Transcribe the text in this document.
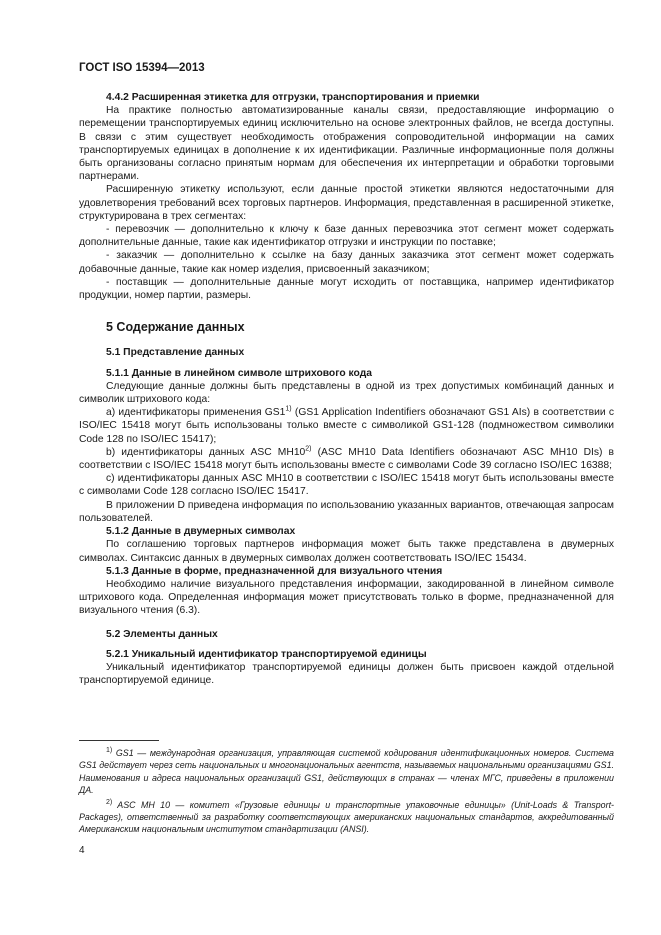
ГОСТ ISO 15394—2013

4.4.2 Расширенная этикетка для отгрузки, транспортирования и приемки

На практике полностью автоматизированные каналы связи, предоставляющие информацию о перемещении транспортируемых единиц исключительно на основе электронных файлов, не всегда доступны. В связи с этим существует необходимость отображения сопроводительной информации на самих транспортируемых единицах в дополнение к их идентификации. Различные информационные поля должны быть организованы согласно принятым нормам для обеспечения их интерпретации и обработки торговыми партнерами.

Расширенную этикетку используют, если данные простой этикетки являются недостаточными для удовлетворения требований всех торговых партнеров. Информация, представленная в расширенной этикетке, структурирована в трех сегментах:

- перевозчик — дополнительно к ключу к базе данных перевозчика этот сегмент может содержать дополнительные данные, такие как идентификатор отгрузки и инструкции по поставке;

- заказчик — дополнительно к ссылке на базу данных заказчика этот сегмент может содержать добавочные данные, такие как номер изделия, присвоенный заказчиком;

- поставщик — дополнительные данные могут исходить от поставщика, например идентификатор продукции, номер партии, размеры.

5 Содержание данных

5.1 Представление данных

5.1.1 Данные в линейном символе штрихового кода

Следующие данные должны быть представлены в одной из трех допустимых комбинаций данных и символик штрихового кода:

а) идентификаторы применения GS1$^{1)}$ (GS1 Application Indentifiers обозначают GS1 AIs) в соответствии с ISO/IEC 15418 могут быть использованы только вместе с символикой GS1-128 (подмножеством символики Code 128 по ISO/IEC 15417);

b) идентификаторы данных ASC MH10$^{2)}$ (ASC MH10 Data Identifiers обозначают ASC MH10 DIs) в соответствии с ISO/IEC 15418 могут быть использованы вместе с символами Code 39 согласно ISO/IEC 16388;

с) идентификаторы данных ASC MH10 в соответствии с ISO/IEC 15418 могут быть использованы вместе с символами Code 128 согласно ISO/IEC 15417.

В приложении D приведена информация по использованию указанных вариантов, отвечающая запросам пользователей.

5.1.2 Данные в двумерных символах

По соглашению торговых партнеров информация может быть также представлена в двумерных символах. Синтаксис данных в двумерных символах должен соответствовать ISO/IEC 15434.

5.1.3 Данные в форме, предназначенной для визуального чтения

Необходимо наличие визуального представления информации, закодированной в линейном символе штрихового кода. Определенная информация может присутствовать только в форме, предназначенной для визуального чтения (6.3).

5.2 Элементы данных

5.2.1 Уникальный идентификатор транспортируемой единицы

Уникальный идентификатор транспортируемой единицы должен быть присвоен каждой отдельной транспортируемой единице.

$^{1)}$ GS1 — международная организация, управляющая системой кодирования идентификационных номеров. Система GS1 действует через сеть национальных и многонациональных агентств, называемых национальными организациями GS1. Наименования и адреса национальных организаций GS1, действующих в странах — членах МГС, приведены в приложении ДА.

$^{2)}$ ASC MH 10 — комитет «Грузовые единицы и транспортные упаковочные единицы» (Unit-Loads & Transport-Packages), ответственный за разработку соответствующих американских национальных стандартов, аккредитованный Американским национальным институтом стандартизации (ANSI).

4
